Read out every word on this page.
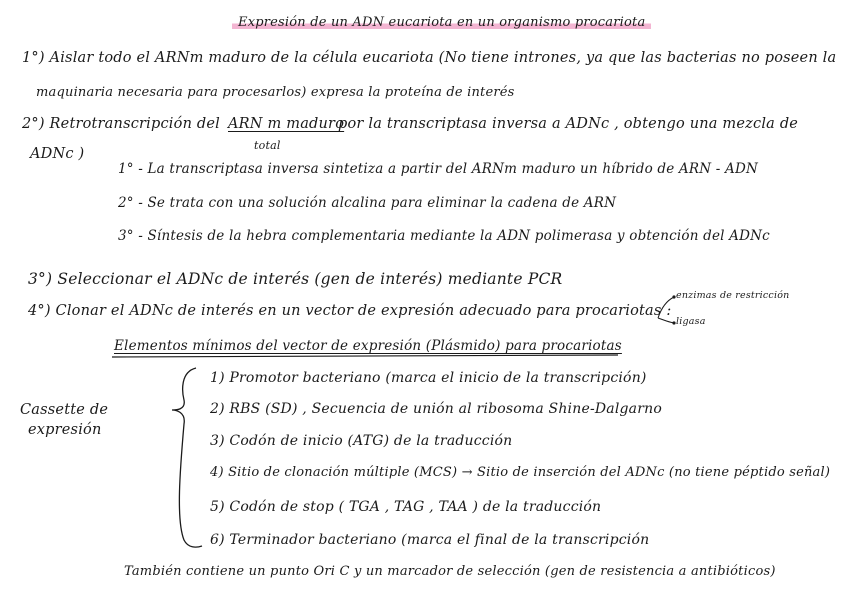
Expresión de un ADN eucariota en un organismo procariota
1°) Aislar todo el ARNm maduro de la célula eucariota (No tiene intrones, ya que las bacterias no poseen la
maquinaria necesaria para procesarlos) expresa la proteína de interés
2°) Retrotranscripción del ARN m maduro
por la transcriptasa inversa a ADNc , obtengo una mezcla de
total
ADNc )
1° - La transcriptasa inversa sintetiza a partir del ARNm maduro un híbrido de ARN - ADN
2° - Se trata con una solución alcalina para eliminar la cadena de ARN
3° - Síntesis de la hebra complementaria mediante la ADN polimerasa y obtención del ADNc
3°) Seleccionar el ADNc de interés (gen de interés) mediante PCR
4°) Clonar el ADNc de interés en un vector de expresión adecuado para procariotas :
enzimas de restricción
ligasa
Elementos mínimos del vector de expresión (Plásmido) para procariotas
Cassette de
expresión
1) Promotor bacteriano (marca el inicio de la transcripción)
2) RBS (SD) , Secuencia de unión al ribosoma Shine-Dalgarno
3) Codón de inicio (ATG) de la traducción
4) Sitio de clonación múltiple (MCS) → Sitio de inserción del ADNc (no tiene péptido señal)
5) Codón de stop ( TGA , TAG , TAA ) de la traducción
6) Terminador bacteriano (marca el final de la transcripción
También contiene un punto Ori C y un marcador de selección (gen de resistencia a antibióticos)
